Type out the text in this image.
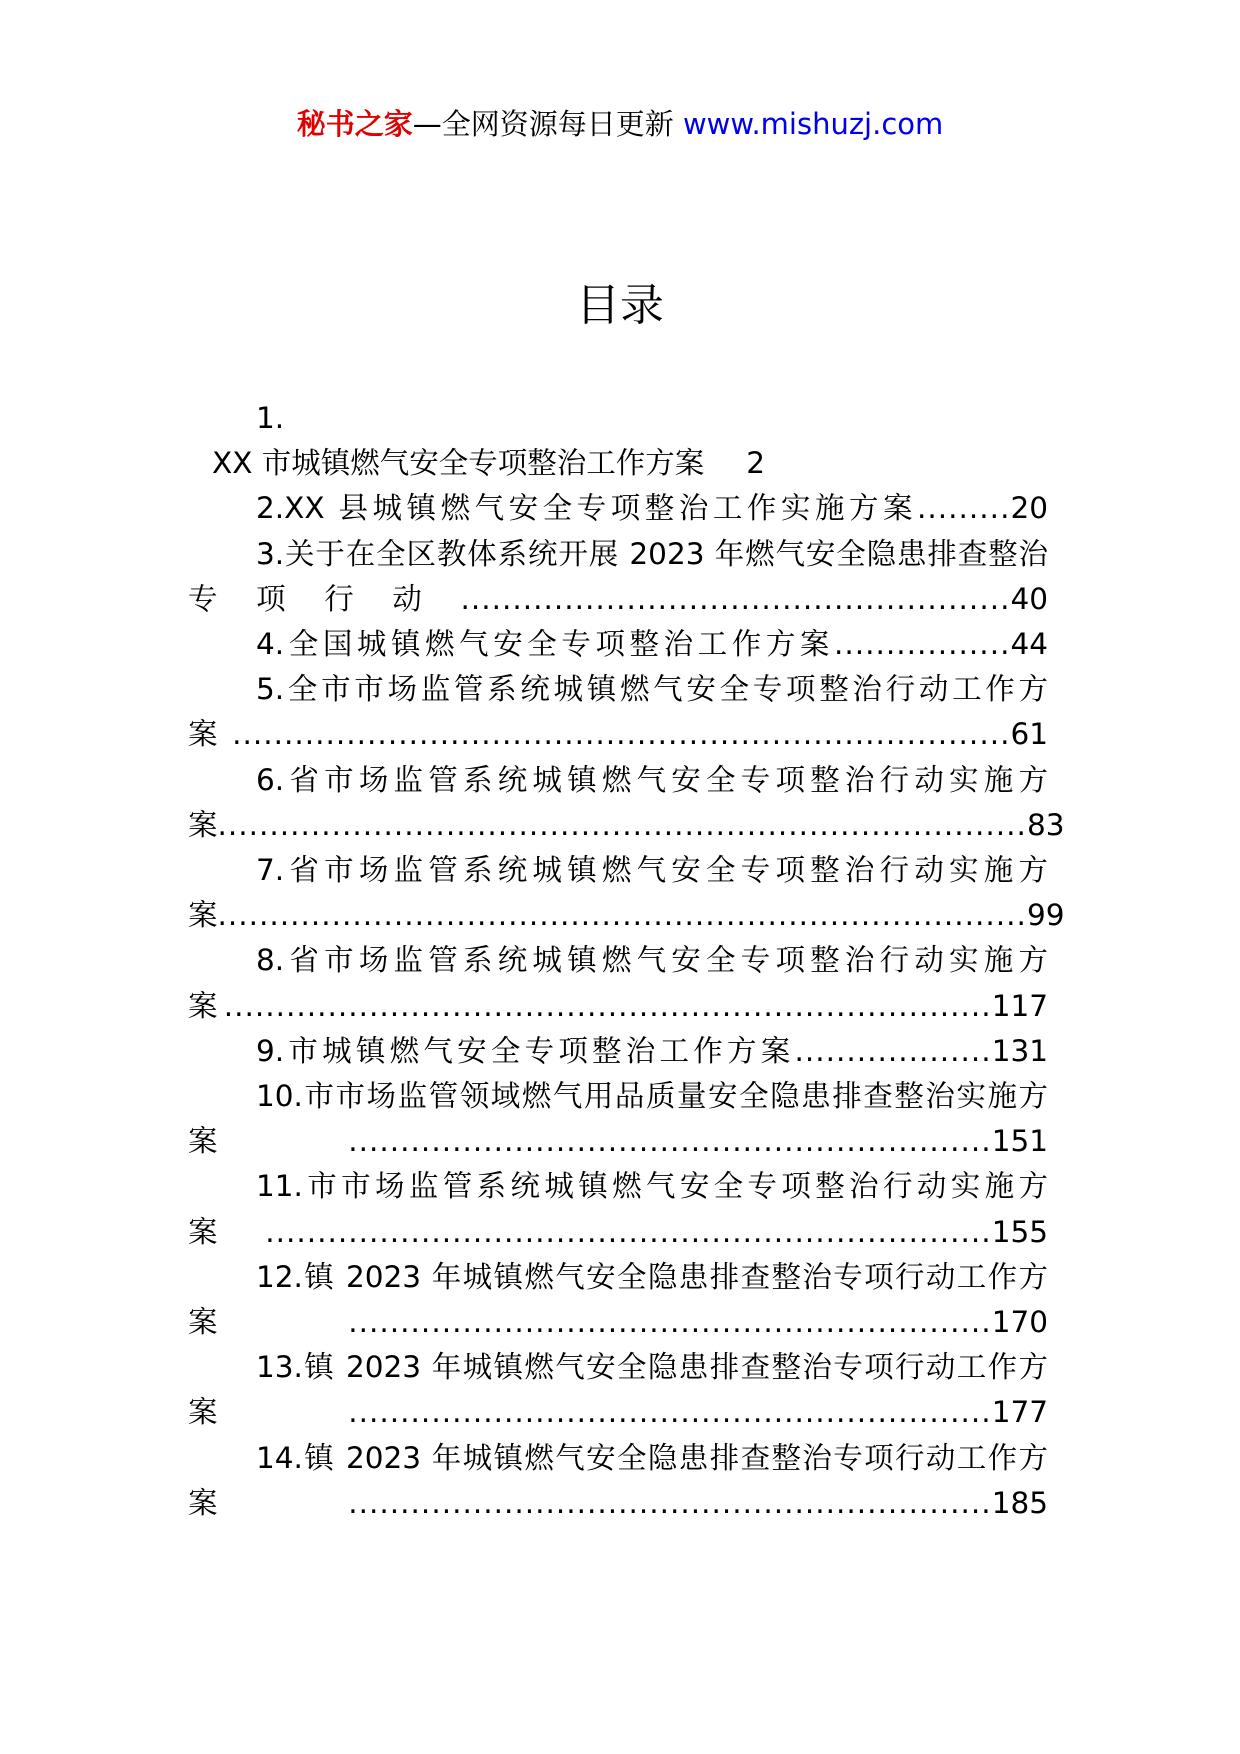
秘书之家—全网资源每日更新 www.mishuzj.com
目录
1.
XX 市城镇燃气安全专项整治工作方案 2
2.XX 县城镇燃气安全专项整治工作实施方案.........20
3.关于在全区教体系统开展 2023 年燃气安全隐患排查整治专项行动.....................................................40
4.全国城镇燃气安全专项整治工作方案.................44
5.全市市场监管系统城镇燃气安全专项整治行动工作方案...........................................................................61
6.省市场监管系统城镇燃气安全专项整治行动实施方案..............................................................................83
7.省市场监管系统城镇燃气安全专项整治行动实施方案..............................................................................99
8.省市场监管系统城镇燃气安全专项整治行动实施方案..........................................................................117
9.市城镇燃气安全专项整治工作方案...................131
10.市市场监管领域燃气用品质量安全隐患排查整治实施方案..............................................................151
11.市市场监管系统城镇燃气安全专项整治行动实施方案......................................................................155
12.镇 2023 年城镇燃气安全隐患排查整治专项行动工作方案..............................................................170
13.镇 2023 年城镇燃气安全隐患排查整治专项行动工作方案..............................................................177
14.镇 2023 年城镇燃气安全隐患排查整治专项行动工作方案..............................................................185
